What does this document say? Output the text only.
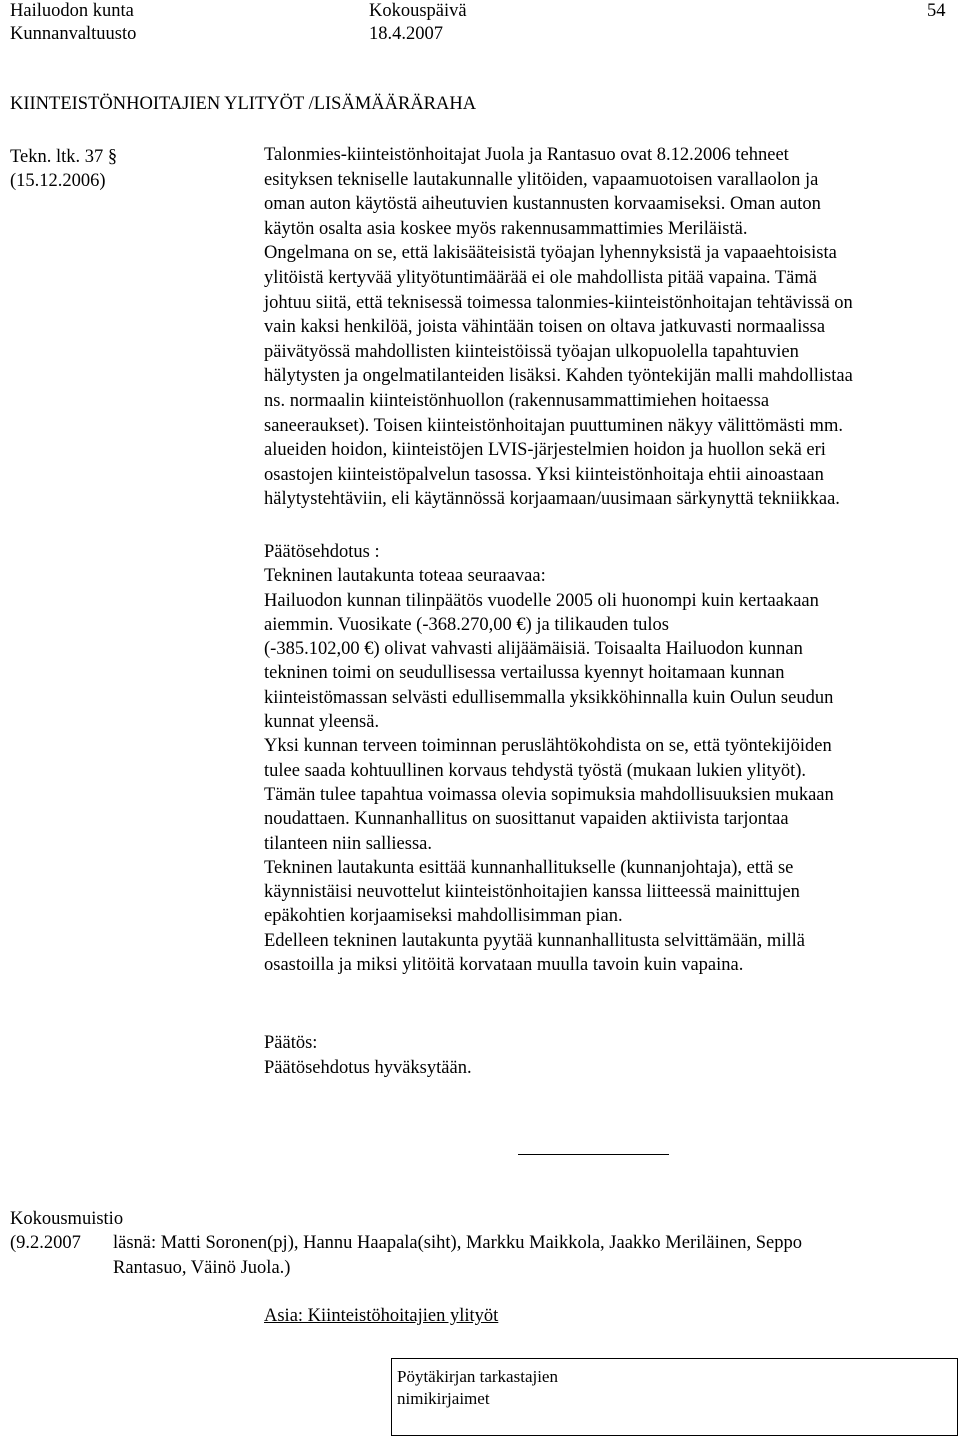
Hailuodon kunta
Kunnanvaltuusto
Kokouspäivä
18.4.2007
54
KIINTEISTÖNHOITAJIEN YLITYÖT /LISÄMÄÄRÄRAHA
Tekn. ltk. 37 §
(15.12.2006)

Talonmies-kiinteistönhoitajat Juola ja Rantasuo ovat 8.12.2006 tehneet

esityksen tekniselle lautakunnalle ylitöiden, vapaamuotoisen varallaolon ja

oman auton käytöstä aiheutuvien kustannusten korvaamiseksi. Oman auton

käytön osalta asia koskee myös rakennusammattimies Meriläistä.

Ongelmana on se, että lakisääteisistä työajan lyhennyksistä ja vapaaehtoisista

ylitöistä kertyvää ylityötuntimäärää ei ole mahdollista pitää vapaina. Tämä

johtuu siitä, että teknisessä toimessa talonmies-kiinteistönhoitajan tehtävissä on

vain kaksi henkilöä, joista vähintään toisen on oltava jatkuvasti normaalissa

päivätyössä mahdollisten kiinteistöissä työajan ulkopuolella tapahtuvien

hälytysten ja ongelmatilanteiden lisäksi. Kahden työntekijän malli mahdollistaa

ns. normaalin kiinteistönhuollon (rakennusammattimiehen hoitaessa

saneeraukset). Toisen kiinteistönhoitajan puuttuminen näkyy välittömästi mm.

alueiden hoidon, kiinteistöjen LVIS-järjestelmien hoidon ja huollon sekä eri

osastojen kiinteistöpalvelun tasossa. Yksi kiinteistönhoitaja ehtii ainoastaan

hälytystehtäviin, eli käytännössä korjaamaan/uusimaan särkynyttä tekniikkaa.

Päätösehdotus :

Tekninen lautakunta toteaa seuraavaa:

Hailuodon kunnan tilinpäätös vuodelle 2005 oli huonompi kuin kertaakaan

aiemmin. Vuosikate (-368.270,00 €) ja tilikauden tulos

(-385.102,00 €) olivat vahvasti alijäämäisiä. Toisaalta Hailuodon kunnan

tekninen toimi on seudullisessa vertailussa kyennyt hoitamaan kunnan

kiinteistömassan selvästi edullisemmalla yksikköhinnalla kuin Oulun seudun

kunnat yleensä.

Yksi kunnan terveen toiminnan peruslähtökohdista on se, että työntekijöiden

tulee saada kohtuullinen korvaus tehdystä työstä (mukaan lukien ylityöt).

Tämän tulee tapahtua voimassa olevia sopimuksia mahdollisuuksien mukaan

noudattaen. Kunnanhallitus on suosittanut vapaiden aktiivista tarjontaa

tilanteen niin salliessa.

Tekninen lautakunta esittää kunnanhallitukselle (kunnanjohtaja), että se

käynnistäisi neuvottelut kiinteistönhoitajien kanssa liitteessä mainittujen

epäkohtien korjaamiseksi mahdollisimman pian.

Edelleen tekninen lautakunta pyytää kunnanhallitusta selvittämään, millä

osastoilla ja miksi ylitöitä korvataan muulla tavoin kuin vapaina.

Päätös:

Päätösehdotus hyväksytään.

Kokousmuistio
(9.2.2007 läsnä: Matti Soronen(pj), Hannu Haapala(siht), Markku Maikkola, Jaakko Meriläinen, Seppo
Rantasuo, Väinö Juola.)
Asia: Kiinteistöhoitajien ylityöt
Pöytäkirjan tarkastajien
nimikirjaimet
